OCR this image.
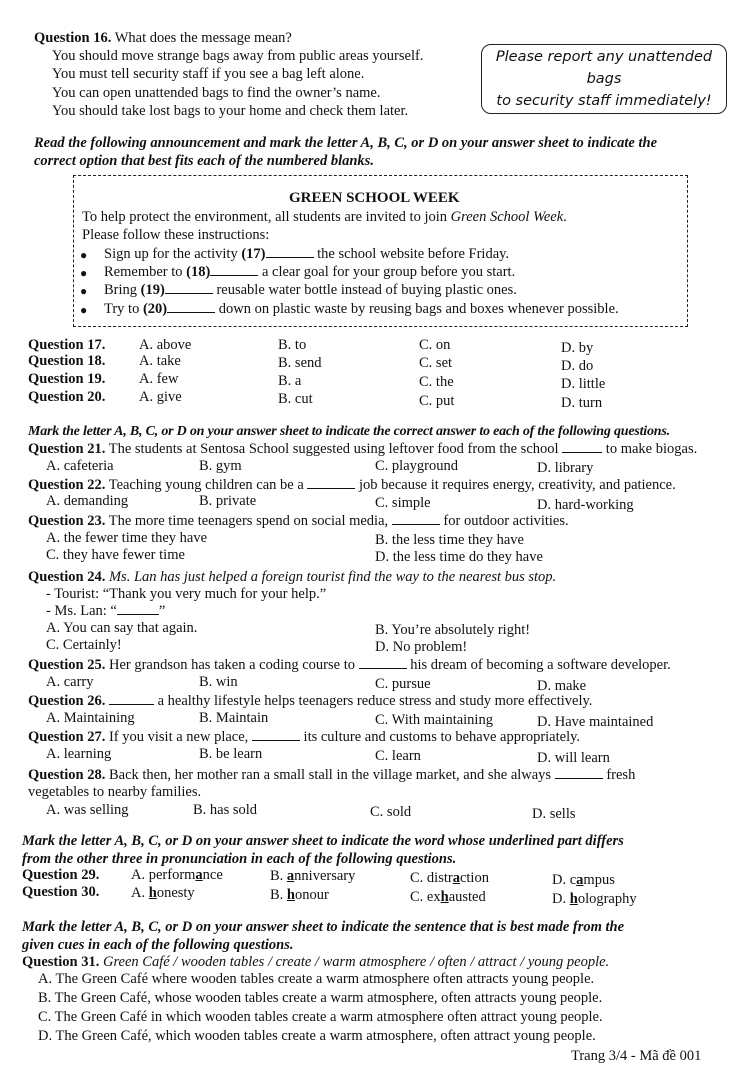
Question 16. What does the message mean?
You should move strange bags away from public areas yourself.
You must tell security staff if you see a bag left alone.
You can open unattended bags to find the owner’s name.
You should take lost bags to your home and check them later.
Please report any unattended bags
to security staff immediately!
Read the following announcement and mark the letter A, B, C, or D on your answer sheet to indicate the
correct option that best fits each of the numbered blanks.
GREEN SCHOOL WEEK
To help protect the environment, all students are invited to join Green School Week.
Please follow these instructions:
● Sign up for the activity (17)	the school website before Friday.
● Remember to (18)	a clear goal for your group before you start.
● Bring (19)	reusable water bottle instead of buying plastic ones.
● Try to (20)	down on plastic waste by reusing bags and boxes whenever possible.
Question 17. A. above	B. to	C. on	D. by
Question 18. A. take	B. send	C. set	D. do
Question 19. A. few	B. a	C. the	D. little
Question 20. A. give	B. cut	C. put	D. turn
Mark the letter A, B, C, or D on your answer sheet to indicate the correct answer to each of the following questions.
Question 21. The students at Sentosa School suggested using leftover food from the school	to make biogas.
A. cafeteria	B. gym	C. playground	D. library
Question 22. Teaching young children can be a	job because it requires energy, creativity, and patience.
A. demanding	B. private	C. simple	D. hard-working
Question 23. The more time teenagers spend on social media,	for outdoor activities.
A. the fewer time they have	B. the less time they have
C. they have fewer time	D. the less time do they have
Question 24. Ms. Lan has just helped a foreign tourist find the way to the nearest bus stop.
- Tourist: “Thank you very much for your help.”
- Ms. Lan: “	”
A. You can say that again.	B. You’re absolutely right!
C. Certainly!	D. No problem!
Question 25. Her grandson has taken a coding course to	his dream of becoming a software developer.
A. carry	B. win	C. pursue	D. make
Question 26.	a healthy lifestyle helps teenagers reduce stress and study more effectively.
A. Maintaining	B. Maintain	C. With maintaining	D. Have maintained
Question 27. If you visit a new place,	its culture and customs to behave appropriately.
A. learning	B. be learn	C. learn	D. will learn
Question 28. Back then, her mother ran a small stall in the village market, and she always	fresh
vegetables to nearby families.
A. was selling	B. has sold	C. sold	D. sells
Mark the letter A, B, C, or D on your answer sheet to indicate the word whose underlined part differs
from the other three in pronunciation in each of the following questions.
Question 29. A. performance	B. anniversary	C. distraction	D. campus
Question 30. A. honesty	B. honour	C. exhausted	D. holography
Mark the letter A, B, C, or D on your answer sheet to indicate the sentence that is best made from the
given cues in each of the following questions.
Question 31. Green Café / wooden tables / create / warm atmosphere / often / attract / young people.
A. The Green Café where wooden tables create a warm atmosphere often attracts young people.
B. The Green Café, whose wooden tables create a warm atmosphere, often attracts young people.
C. The Green Café in which wooden tables create a warm atmosphere often attract young people.
D. The Green Café, which wooden tables create a warm atmosphere, often attract young people.
Trang 3/4 - Mã đề 001
